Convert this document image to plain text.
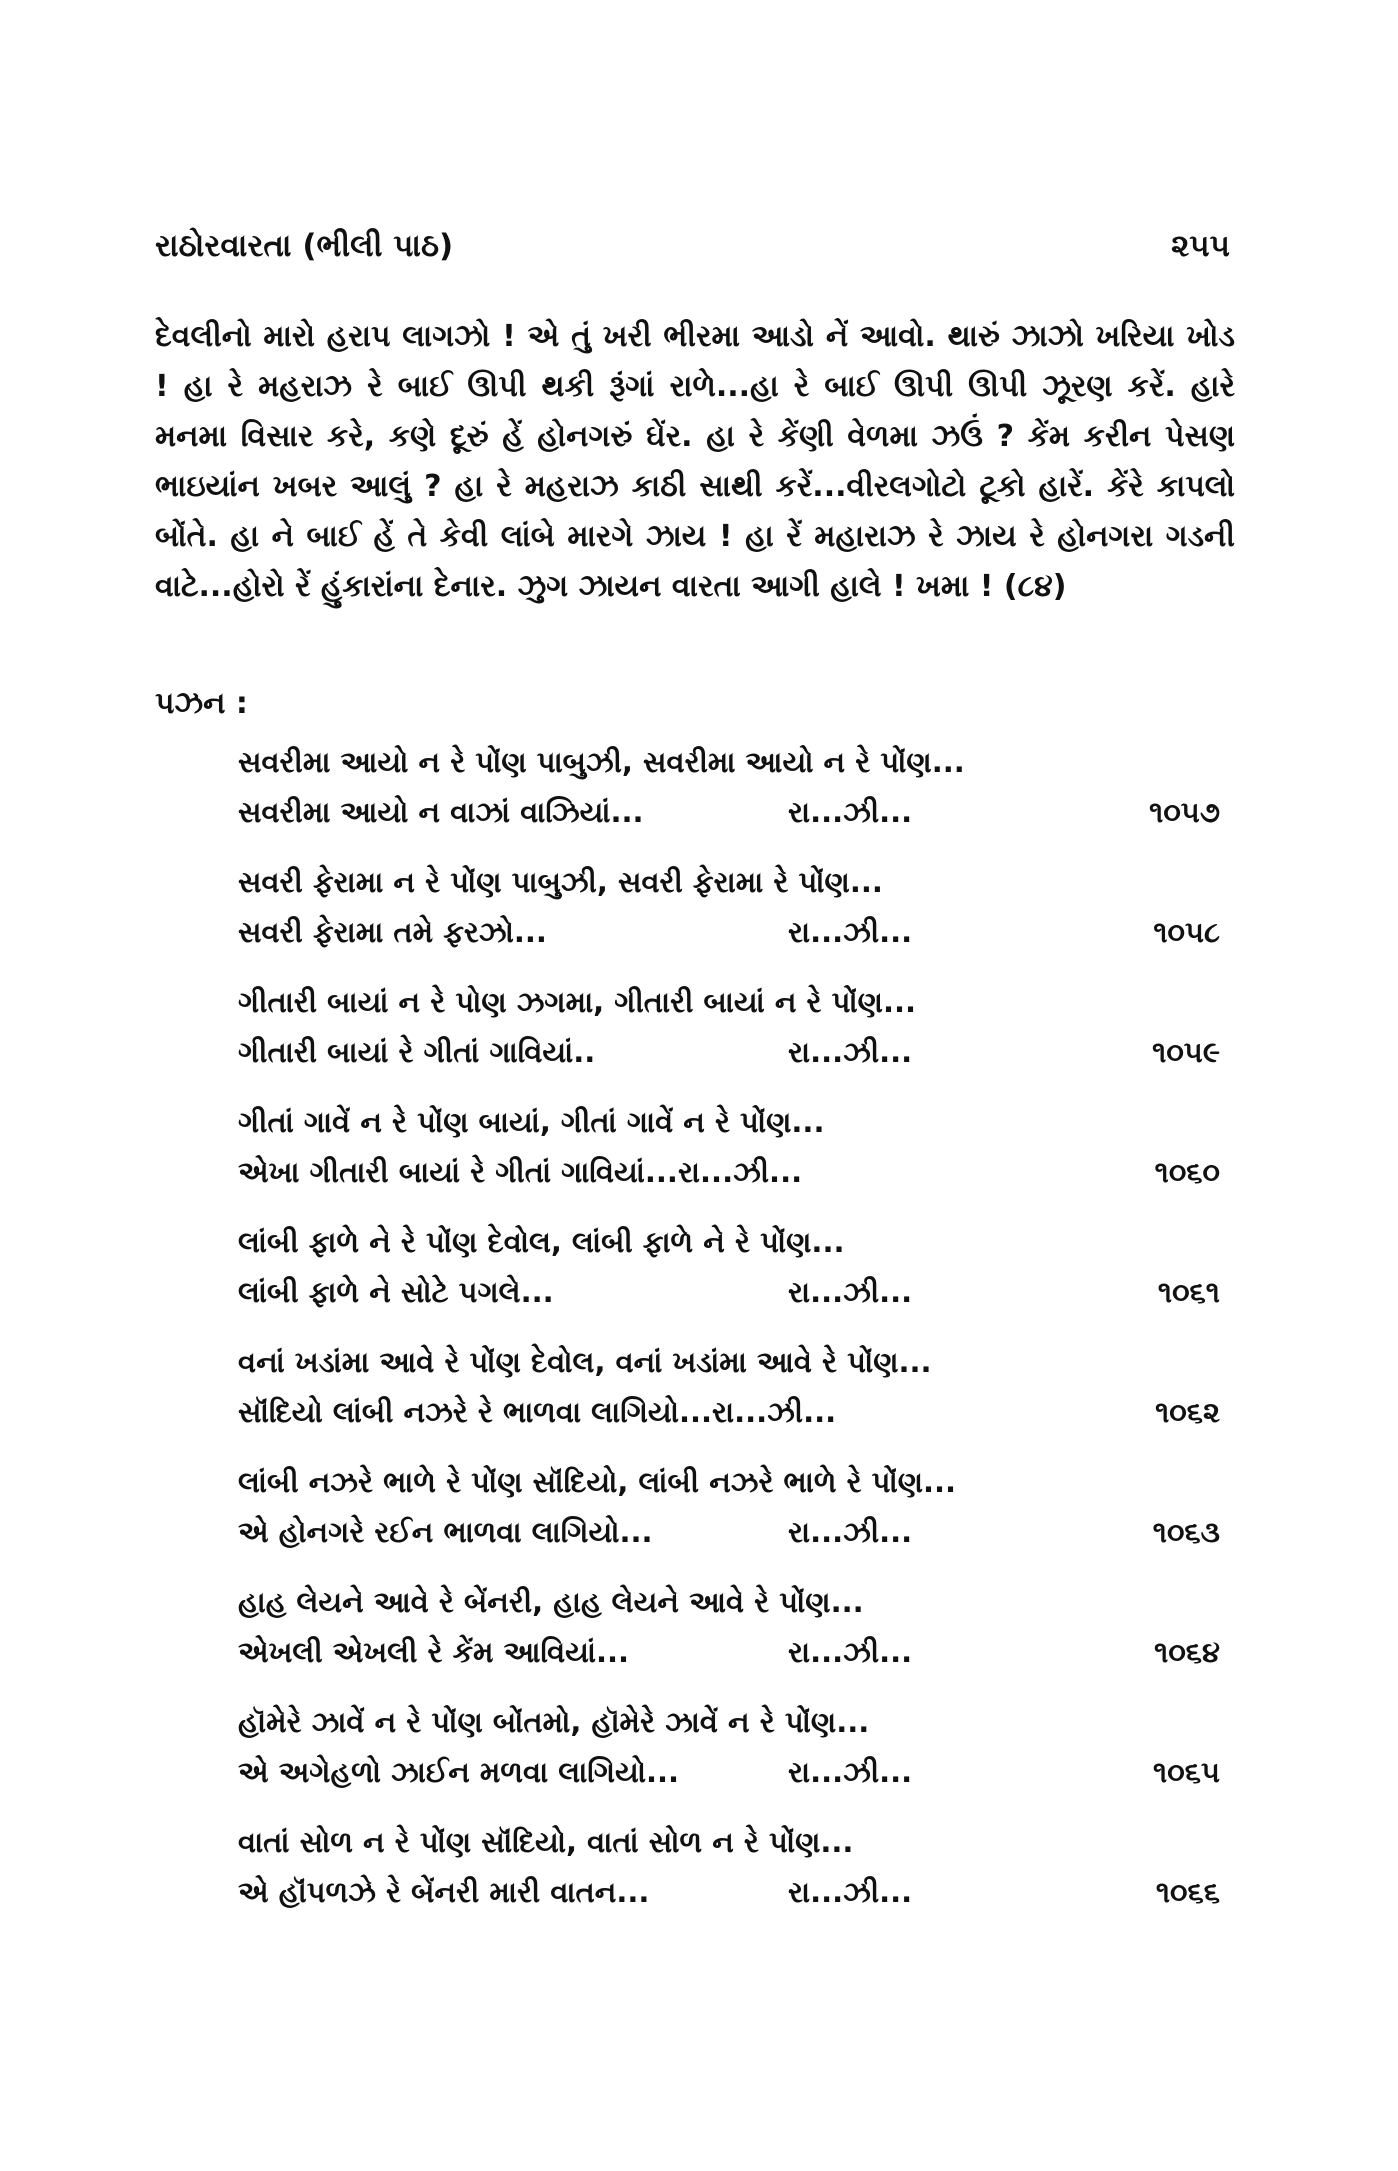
રાઠોરવારતા (ભીલી પાઠ)	૨૫૫

દેવલીનો મારો હરાપ લાગઝો ! એ તું ખરી ભીરમા આડો નેં આવો. થારું ઝાઝો ખરિયા ખોડ ! હા રે મહરાઝ રે બાઈ ઊપી થકી રૂંગાં રાળે...હા રે બાઈ ઊપી ઊપી ઝૂરણ કરેં. હારે મનમા વિસાર કરે, કણે દૂરું હેં હોનગરું ઘેંર. હા રે કેંણી વેળમા ઝઉં ? કેંમ કરીન પેસણ ભાઇયાંન ખબર આલું ? હા રે મહરાઝ કાઠી સાથી કરેં...વીરલગોટો ટૂકો હારેં. કેંરે કાપલો બોંતે. હા ને બાઈ હેં તે કેવી લાંબે મારગે ઝાય ! હા રેં મહારાઝ રે ઝાય રે હોનગરા ગડની વાટે...હોરો રેં હુંકારાંના દેનાર. ઝુગ ઝાયન વારતા આગી હાલે ! ખમા ! (૮૪)

પઝન :
સવરીમા આયો ન રે પોંણ પાબુઝી, સવરીમા આયો ન રે પોંણ...
સવરીમા આયો ન વાઝાં વાઝિયાં...	રા...ઝી...	૧૦૫૭
સવરી ફેરામા ન રે પોંણ પાબુઝી, સવરી ફેરામા રે પોંણ...
સવરી ફેરામા તમે ફરઝો...	રા...ઝી...	૧૦૫૮
ગીતારી બાયાં ન રે પોણ ઝગમા, ગીતારી બાયાં ન રે પોંણ...
ગીતારી બાયાં રે ગીતાં ગાવિયાં..	રા...ઝી...	૧૦૫૯
ગીતાં ગાવેં ન રે પોંણ બાયાં, ગીતાં ગાવેં ન રે પોંણ...
એખા ગીતારી બાયાં રે ગીતાં ગાવિયાં...રા...ઝી...	૧૦૬૦
લાંબી ફાળે ને રે પોંણ દેવોલ, લાંબી ફાળે ને રે પોંણ...
લાંબી ફાળે ને સોટે પગલે...	રા...ઝી...	૧૦૬૧
વનાં ખડાંમા આવે રે પોંણ દેવોલ, વનાં ખડાંમા આવે રે પોંણ...
સૉંદિયો લાંબી નઝરે રે ભાળવા લાગિયો...રા...ઝી...	૧૦૬૨
લાંબી નઝરે ભાળે રે પોંણ સૉંદિયો, લાંબી નઝરે ભાળે રે પોંણ...
એ હોનગરે રઈન ભાળવા લાગિયો...	રા...ઝી...	૧૦૬૩
હાહ લેયને આવે રે બેંનરી, હાહ લેયને આવે રે પોંણ...
એખલી એખલી રે કેંમ આવિયાં...	રા...ઝી...	૧૦૬૪
હૉમેરે ઝાવેં ન રે પોંણ બોંતમો, હૉમેરે ઝાવેં ન રે પોંણ...
એ અગેહળો ઝાઈન મળવા લાગિયો...	રા...ઝી...	૧૦૬૫
વાતાં સોળ ન રે પોંણ સૉંદિયો, વાતાં સોળ ન રે પોંણ...
એ હૉંપળઝે રે બેંનરી મારી વાતન...	રા...ઝી...	૧૦૬૬
